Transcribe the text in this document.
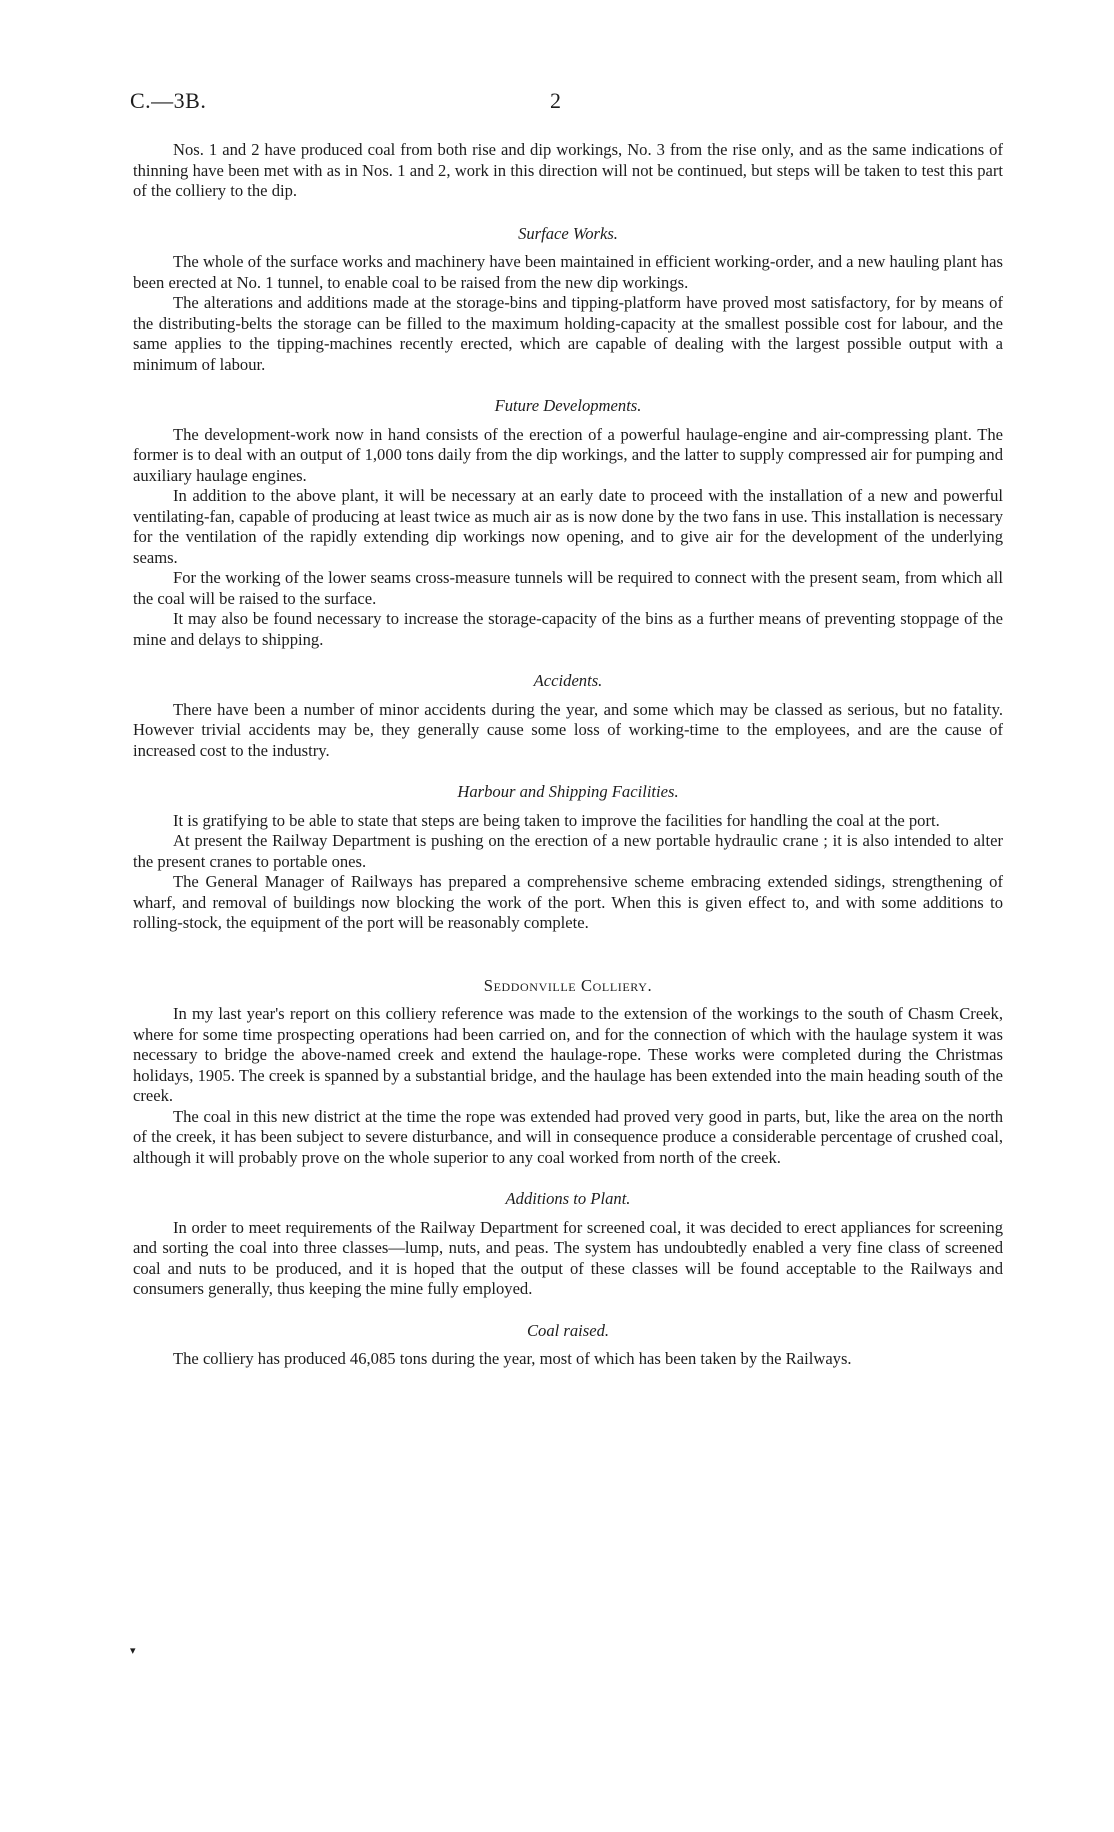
C.—3B.	2

Nos. 1 and 2 have produced coal from both rise and dip workings, No. 3 from the rise only, and as the same indications of thinning have been met with as in Nos. 1 and 2, work in this direction will not be continued, but steps will be taken to test this part of the colliery to the dip.

Surface Works.

The whole of the surface works and machinery have been maintained in efficient working-order, and a new hauling plant has been erected at No. 1 tunnel, to enable coal to be raised from the new dip workings.

The alterations and additions made at the storage-bins and tipping-platform have proved most satisfactory, for by means of the distributing-belts the storage can be filled to the maximum holding-capacity at the smallest possible cost for labour, and the same applies to the tipping-machines recently erected, which are capable of dealing with the largest possible output with a minimum of labour.

Future Developments.

The development-work now in hand consists of the erection of a powerful haulage-engine and air-compressing plant. The former is to deal with an output of 1,000 tons daily from the dip workings, and the latter to supply compressed air for pumping and auxiliary haulage engines.

In addition to the above plant, it will be necessary at an early date to proceed with the installation of a new and powerful ventilating-fan, capable of producing at least twice as much air as is now done by the two fans in use. This installation is necessary for the ventilation of the rapidly extending dip workings now opening, and to give air for the development of the underlying seams.

For the working of the lower seams cross-measure tunnels will be required to connect with the present seam, from which all the coal will be raised to the surface.

It may also be found necessary to increase the storage-capacity of the bins as a further means of preventing stoppage of the mine and delays to shipping.

Accidents.

There have been a number of minor accidents during the year, and some which may be classed as serious, but no fatality. However trivial accidents may be, they generally cause some loss of working-time to the employees, and are the cause of increased cost to the industry.

Harbour and Shipping Facilities.

It is gratifying to be able to state that steps are being taken to improve the facilities for handling the coal at the port.

At present the Railway Department is pushing on the erection of a new portable hydraulic crane ; it is also intended to alter the present cranes to portable ones.

The General Manager of Railways has prepared a comprehensive scheme embracing extended sidings, strengthening of wharf, and removal of buildings now blocking the work of the port. When this is given effect to, and with some additions to rolling-stock, the equipment of the port will be reasonably complete.

Seddonville Colliery.

In my last year's report on this colliery reference was made to the extension of the workings to the south of Chasm Creek, where for some time prospecting operations had been carried on, and for the connection of which with the haulage system it was necessary to bridge the above-named creek and extend the haulage-rope. These works were completed during the Christmas holidays, 1905. The creek is spanned by a substantial bridge, and the haulage has been extended into the main heading south of the creek.

The coal in this new district at the time the rope was extended had proved very good in parts, but, like the area on the north of the creek, it has been subject to severe disturbance, and will in consequence produce a considerable percentage of crushed coal, although it will probably prove on the whole superior to any coal worked from north of the creek.

Additions to Plant.

In order to meet requirements of the Railway Department for screened coal, it was decided to erect appliances for screening and sorting the coal into three classes—lump, nuts, and peas. The system has undoubtedly enabled a very fine class of screened coal and nuts to be produced, and it is hoped that the output of these classes will be found acceptable to the Railways and consumers generally, thus keeping the mine fully employed.

Coal raised.

The colliery has produced 46,085 tons during the year, most of which has been taken by the Railways.

▾
